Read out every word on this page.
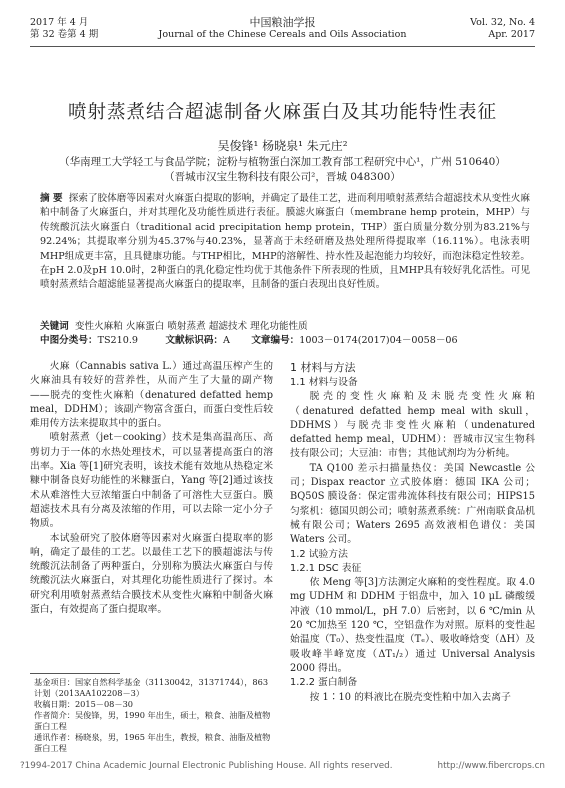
2017 年 4 月
第 32 卷第 4 期
中国粮油学报
Journal of the Chinese Cereals and Oils Association
Vol. 32, No. 4
Apr. 2017
喷射蒸煮结合超滤制备火麻蛋白及其功能特性表征
吴俊锋¹ 杨晓泉¹ 朱元庄²
（华南理工大学轻工与食品学院；淀粉与植物蛋白深加工教育部工程研究中心¹，广州 510640）
（晋城市汉宝生物科技有限公司²，晋城 048300）
摘 要 探索了胶体磨等因素对火麻蛋白提取的影响，并确定了最佳工艺，进而利用喷射蒸煮结合超滤技术从变性火麻粕中制备了火麻蛋白，并对其理化及功能性质进行表征。膜滤火麻蛋白（membrane hemp protein，MHP）与传统酸沉法火麻蛋白（traditional acid precipitation hemp protein，THP）蛋白质量分数分别为83.21%与92.24%；其提取率分别为45.37%与40.23%，显著高于未经研磨及热处理所得提取率（16.11%）。电泳表明MHP组成更丰富，且具健康功能。与THP相比，MHP的溶解性、持水性及起泡能力均较好，而泡沫稳定性较差。在pH 2.0及pH 10.0时，2种蛋白的乳化稳定性均优于其他条件下所表现的性质，且MHP具有较好乳化活性。可见喷射蒸煮结合超滤能显著提高火麻蛋白的提取率，且制备的蛋白表现出良好性质。
关键词 变性火麻粕 火麻蛋白 喷射蒸煮 超滤技术 理化功能性质
中图分类号：TS210.9	文献标识码：A 文章编号：1003－0174(2017)04－0058－06

火麻（Cannabis sativa L.）通过高温压榨产生的火麻油具有较好的营养性，从而产生了大量的副产物——脱壳的变性火麻粕（denatured defatted hemp meal，DDHM）；该副产物富含蛋白，而蛋白变性后较难用传方法来提取其中的蛋白。

喷射蒸煮（jet－cooking）技术是集高温高压、高剪切力于一体的水热处理技术，可以显著提高蛋白的溶出率。Xia 等[1]研究表明，该技术能有效地从热稳定米糠中制备良好功能性的米糠蛋白，Yang 等[2]通过该技术从难溶性大豆浓缩蛋白中制备了可溶性大豆蛋白。膜超滤技术具有分离及浓缩的作用，可以去除一定小分子物质。

本试验研究了胶体磨等因素对火麻蛋白提取率的影响，确定了最佳的工艺。以最佳工艺下的膜超滤法与传统酸沉法制备了两种蛋白，分别称为膜法火麻蛋白与传统酸沉法火麻蛋白，对其理化功能性质进行了探讨。本研究利用喷射蒸煮结合膜技术从变性火麻粕中制备火麻蛋白，有效提高了蛋白提取率。

基金项目：国家自然科学基金（31130042，31371744），863 计划（2013AA102208－3）
收稿日期：2015－08－30
作者简介：吴俊锋，男，1990 年出生，硕士，粮食、油脂及植物蛋白工程
通讯作者：杨晓泉，男，1965 年出生，教授，粮食、油脂及植物蛋白工程

1 材料与方法

1.1 材料与设备

脱壳的变性火麻粕及未脱壳变性火麻粕（denatured defatted hemp meal with skull，DDHMS）与脱壳非变性火麻粕（undenatured defatted hemp meal，UDHM）：晋城市汉宝生物科技有限公司；大豆油：市售；其他试剂均为分析纯。

TA Q100 差示扫描量热仪：美国 Newcastle 公司；Dispax reactor 立式胶体磨：德国 IKA 公司；BQ50S 膜设备：保定雷弗流体科技有限公司；HIPS15 匀浆机：德国贝朗公司；喷射蒸煮系统：广州南联食品机械有限公司；Waters 2695 高效液相色谱仪：美国 Waters 公司。

1.2 试验方法

1.2.1 DSC 表征

依 Meng 等[3]方法测定火麻粕的变性程度。取 4.0 mg UDHM 和 DDHM 于铝盘中，加入 10 μL 磷酸缓冲液（10 mmol/L，pH 7.0）后密封，以 6 ℃/min 从 20 ℃加热至 120 ℃，空铝盘作为对照。原料的变性起始温度（T₀）、热变性温度（Tₑ）、吸收峰焓变（ΔH）及吸收峰半峰宽度（ΔT₁/₂）通过 Universal Analysis 2000 得出。

1.2.2 蛋白制备

按 1∶10 的料液比在脱壳变性粕中加入去离子

?1994-2017 China Academic Journal Electronic Publishing House. All rights reserved.	http://www.fibercrops.cn
